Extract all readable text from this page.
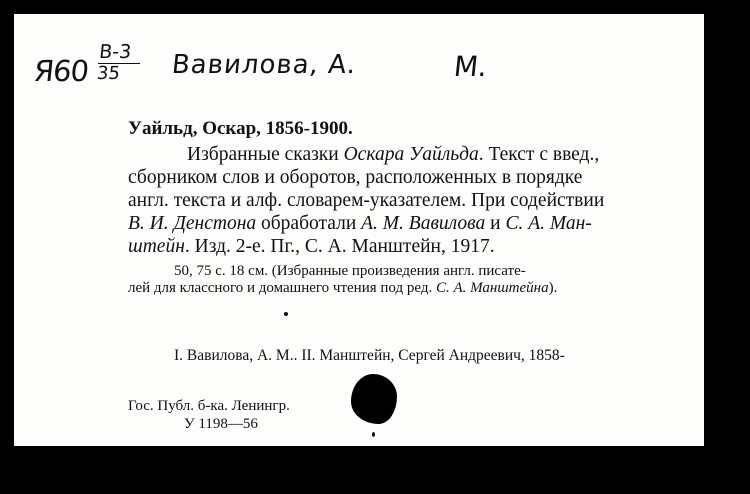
Я60
В-3
35	Вавилова, А.	М.
Уайльд, Оскар, 1856-1900.
Избранные сказки Оскара Уайльда. Текст с введ.,
сборником слов и оборотов, расположенных в порядке
англ. текста и алф. словарем-указателем. При содействии
В. И. Денстона обработали А. М. Вавилова и С. А. Ман-
штейн. Изд. 2-е. Пг., С. А. Манштейн, 1917.
50, 75 с. 18 см. (Избранные произведения англ. писате-
лей для классного и домашнего чтения под ред. С. А. Манштейна).
I. Вавилова, А. М.. II. Манштейн, Сергей Андреевич, 1858-
Гос. Публ. б-ка. Ленингр.
У 1198—56
